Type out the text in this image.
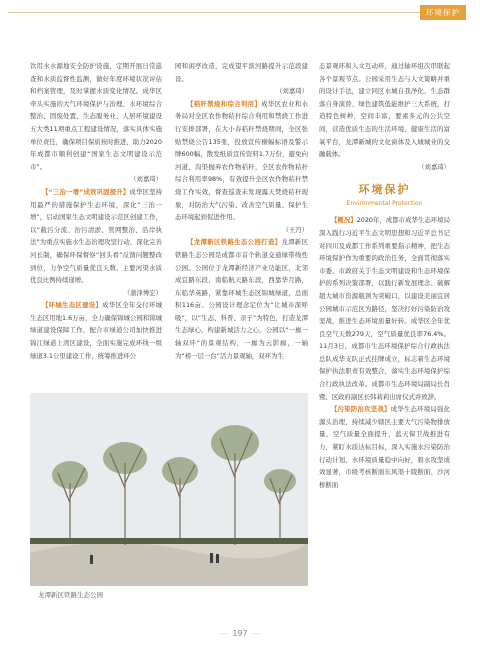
环境保护

饮用水水源地安全防护设施，定期开展日常巡查和水质监督性监测，做好年度环境状况评估和档案管理，及时掌握水质变化情况。成华区牵头实施的大气环境保护与治理、水环境综合整治、固废处置、生态服务业、人居环境建设五大类11项重点工程建设情况，落实具体实施单位责任，确保项目保质按时推进，助力2020年成都市顺利创建“国家生态文明建设示范市”。

（刘嘉琦）

【“三治一增”成效巩固提升】成华区坚持用最严的措施保护生态环境，深化“三治一增”，启动国家生态文明建设示范区创建工作，以“截污分流、治污清淤、管网整治、沿岸执法”为重点实施水生态治理攻坚行动，深化完善河长制，确保环保督察“回头看”反馈问题整改到位，力争空气质量优良天数、主要河渠水质优良比例持续递增。

（蒲泽博宏）

【环城生态区建设】成华区全年交付环城生态区用地1.6万亩，全力确保锦城公园和锦城绿道建设保障工作，配合市绿道公司加快推进锦江绿道上湾区建设，全面实施完成环线一级绿道3.1公里建设工作，统筹推进环公

园和闲亭改造，完成望平滨河路提升示范段建设。

（刘嘉琦）

【秸秆禁烧和综合利用】成华区农业和水务局对全区农作物秸秆综合利用和禁烧工作进行安排部署，在大小春秸秆禁烧期间，全区张贴禁烧公告135张，投放宣传横幅标语及警示牌600幅，散发纸质宣传资料1.7万份，避免向河道、沟渠抛弃农作物秸秆，全区农作物秸秆综合利用率98%，有效提升全区农作物秸秆禁烧工作实效，督查巡查未发现露天焚烧秸秆现象，对防治大气污染、改善空气质量、保护生态环境起到促进作用。

（王丹）

【龙潭新区铁路生态公园打造】龙潭新区铁路生态公园是成都市首个轨道交通绿带线性公园。公园位于龙潭新经济产业功能区，北邻成宜路东段，南临航天路东段，西靠华月路，东临华英路，紧靠环城生态区锦城绿道，总面积116亩。公园设计理念定位为“让城市深呼吸”，以“生态、科普、亲子”为特色，打造龙潭生态绿心，构建新城活力之心。公园以“一廊一轴双环”的景观结构，一廊为云影廊，一轴为“榜一层一台”活力景观轴，双环为生

态景观环和人文互动环，通过轴环组次串联起各个景观节点。公园采用生态与人文策略并重的设计手法，建立同区水城自我净化、生态群落自身演替、绿色建筑低能维护三大系统，打造特色树种，空间丰富，要素多元的公共空间，营造优质生态的生活环境，健康生活的富氧平台，龙潭新城的文化窗体及人城城业的交融载体。

（刘嘉琦）
环境保护
Environmental Protection

【概况】2020年，成都市成华生态环境局深入践行习近平生态文明思想和习近平总书记对四川及成都工作系列重要指示精神，把生态环境保护作为重要的政治任务，全面贯彻落实市委、市政府关于生态文明建设和生态环境保护的系列决策部署，以践行新发展理念、破解超大城市资源瓶颈为突破口，以建设美丽宜居公园城市示范区为路径，坚决打好污染防治攻坚战，推进生态环境质量好转。成华区全年优良空气天数279天，空气质量优良率76.4%。11月3日，成都市生态环境保护综合行政执法总队成华支队正式挂牌成立，标志着生态环境保护执法职责有效整合，落实生态环境保护综合行政执法改革。成都市生态环境局副局长肖鹭、区政府副区长韩莉莉出席仪式并致辞。

【污染防治攻坚战】成华生态环境局强化源头治理，持续减少辖区主要大气污染物排放量，空气质量全面提升，蓝天保卫战推进有力，紧盯水质达标目标，深入实施水污染防治行动计划，水环境质量稳中向好，碧水攻坚成效显著，市级考核断面东风渠十陵断面、沙河桥断面

龙潭新区铁路生态公园
— 197 —
